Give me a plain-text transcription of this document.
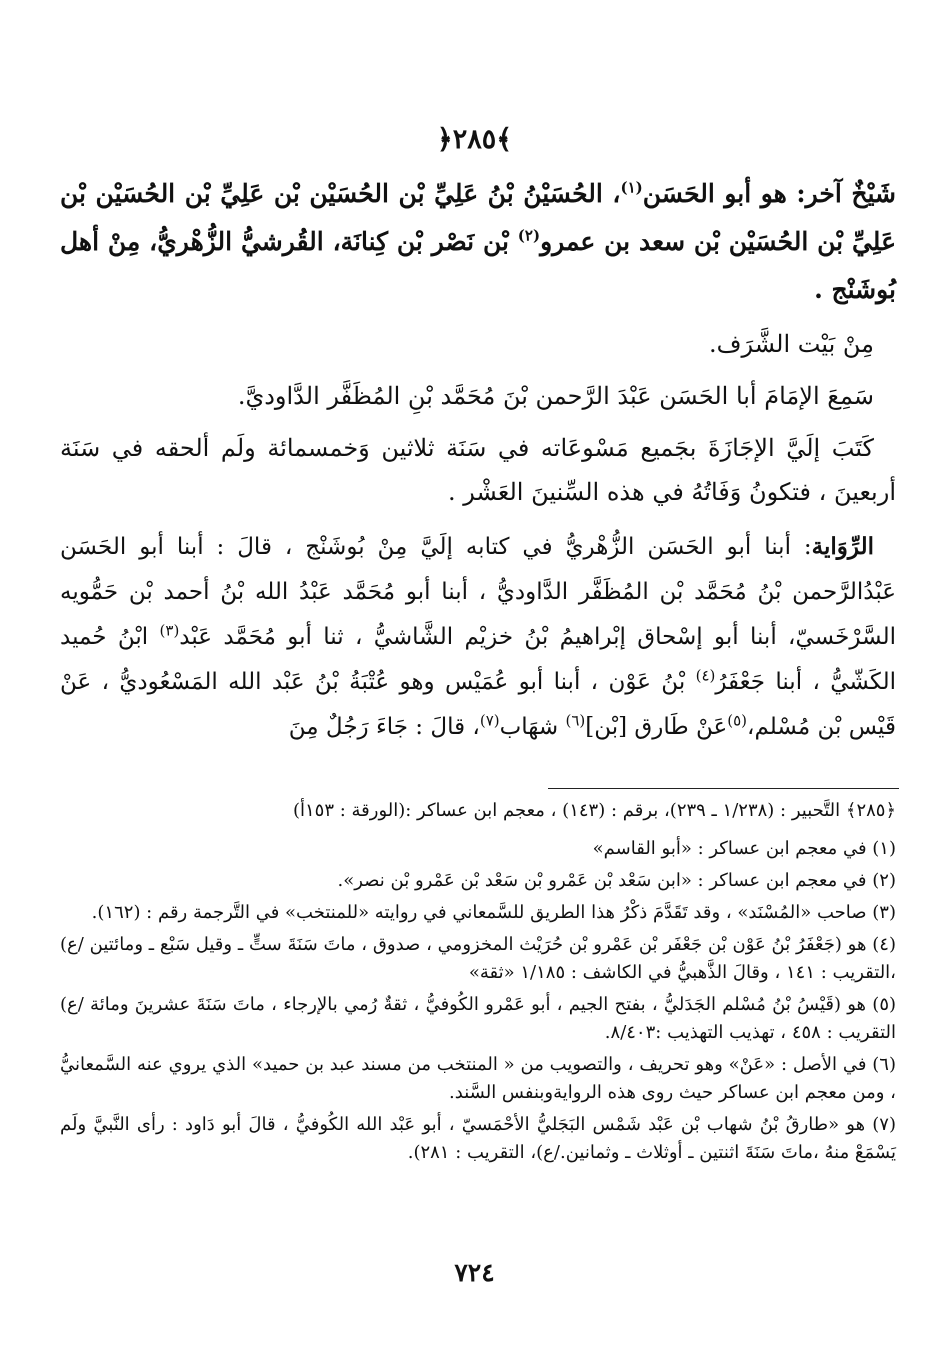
﴿٢٨٥﴾

شَيْخٌ آخر: هو أبو الحَسَن$^{(١)}$، الحُسَيْنُ بْنُ عَلِيِّ بْن الحُسَيْن بْن عَلِيِّ بْن الحُسَيْن بْن عَلِيِّ بْن الحُسَيْن بْن سعد بن عمرو$^{(٢)}$ بْن نَصْر بْن كِنانَة، القُرشيُّ الزُّهْريُّ، مِنْ أهل بُوشَنْج .

مِنْ بَيْت الشَّرَف.

سَمِعَ الإمَامَ أبا الحَسَن عَبْدَ الرَّحمن بْنَ مُحَمَّد بْنِ المُظَفَّر الدَّاوديَّ.

كَتَبَ إلَيَّ الإجَازَةَ بجَميع مَسْوعَاته في سَنَة ثلاثين وَخمسمائة ولَم ألحقه في سَنَة أربعينَ ، فتكونُ وَفَاتُهُ في هذه السِّنينَ العَشْر .

الرِّوَاية: أبنا أبو الحَسَن الزُّهْريُّ في كتابه إلَيَّ مِنْ بُوشَنْج ، قالَ : أبنا أبو الحَسَن عَبْدُالرَّحمن بْنُ مُحَمَّد بْن المُظَفَّر الدَّاوديُّ ، أبنا أبو مُحَمَّد عَبْدُ الله بْنُ أحمد بْن حَمُّويه السَّرْخَسيّ، أبنا أبو إسْحاق إبْراهيمُ بْنُ خزيْم الشَّاشيُّ ، ثنا أبو مُحَمَّد عَبْد$^{(٣)}$ ابْنُ حُميد الكَشّيُّ ، أبنا جَعْفَرُ$^{(٤)}$ بْنُ عَوْن ، أبنا أبو عُمَيْس وهو عُتْبَةُ بْنُ عَبْد الله المَسْعُوديُّ ، عَنْ قَيْس بْن مُسْلم،$^{(٥)}$عَنْ طَارق [بْن]$^{(٦)}$ شهَاب$^{(٧)}$، قالَ : جَاءَ رَجُلٌ مِنَ

﴿٢٨٥﴾ التَّحبير : (١/٢٣٨ ـ ٢٣٩)، برقم : (١٤٣) ، معجم ابن عساكر :(الورقة : ١٥٣أ)

(١) في معجم ابن عساكر : «أبو القاسم»

(٢) في معجم ابن عساكر : «ابن سَعْد بْن عَمْرو بْن سَعْد بْن عَمْرو بْن نصر».

(٣) صاحب «المُسْنَد» ، وقد تَقَدَّمَ ذكْرُ هذا الطريق للسَّمعاني في روايته «للمنتخب» في التَّرجمة رقم : (١٦٢).

(٤) هو (جَعْفَرُ بْنُ عَوْن بْن جَعْفَر بْن عَمْرو بْن حُرَيْث المخزومي ، صدوق ، ماتَ سَنَةَ ستٍّ ـ وقيل سَبْع ـ ومائتين /ع) ،التقريب : ١٤١ ، وقالَ الذَّهبيُّ في الكاشف : ١/١٨٥ «ثقة»

(٥) هو (قَيْسُ بْنُ مُسْلم الجَدَليُّ ، بفتح الجيم ، أبو عَمْرو الكُوفيُّ ، ثقةٌ رُمي بالإرجاء ، ماتَ سَنَةَ عشرينَ ومائة /ع) التقريب : ٤٥٨ ، تهذيب التهذيب :٨/٤٠٣.

(٦) في الأصل : «عَنْ» وهو تحريف ، والتصويب من « المنتخب من مسند عبد بن حميد» الذي يروي عنه السَّمعانيُّ ، ومن معجم ابن عساكر حيث روى هذه الروايةوبنفس السَّند.

(٧) هو «طارقُ بْنُ شهاب بْن عَبْد شَمْس البَجَليُّ الأحْمَسيّ ، أبو عَبْد الله الكُوفيُّ ، قالَ أبو دَاود : رأى النَّبيَّ ولَم يَسْمَعْ منهُ ،ماتَ سَنَةَ اثنتين ـ أوثلاث ـ وثمانين./ع)، التقريب : ٢٨١).

٧٢٤
